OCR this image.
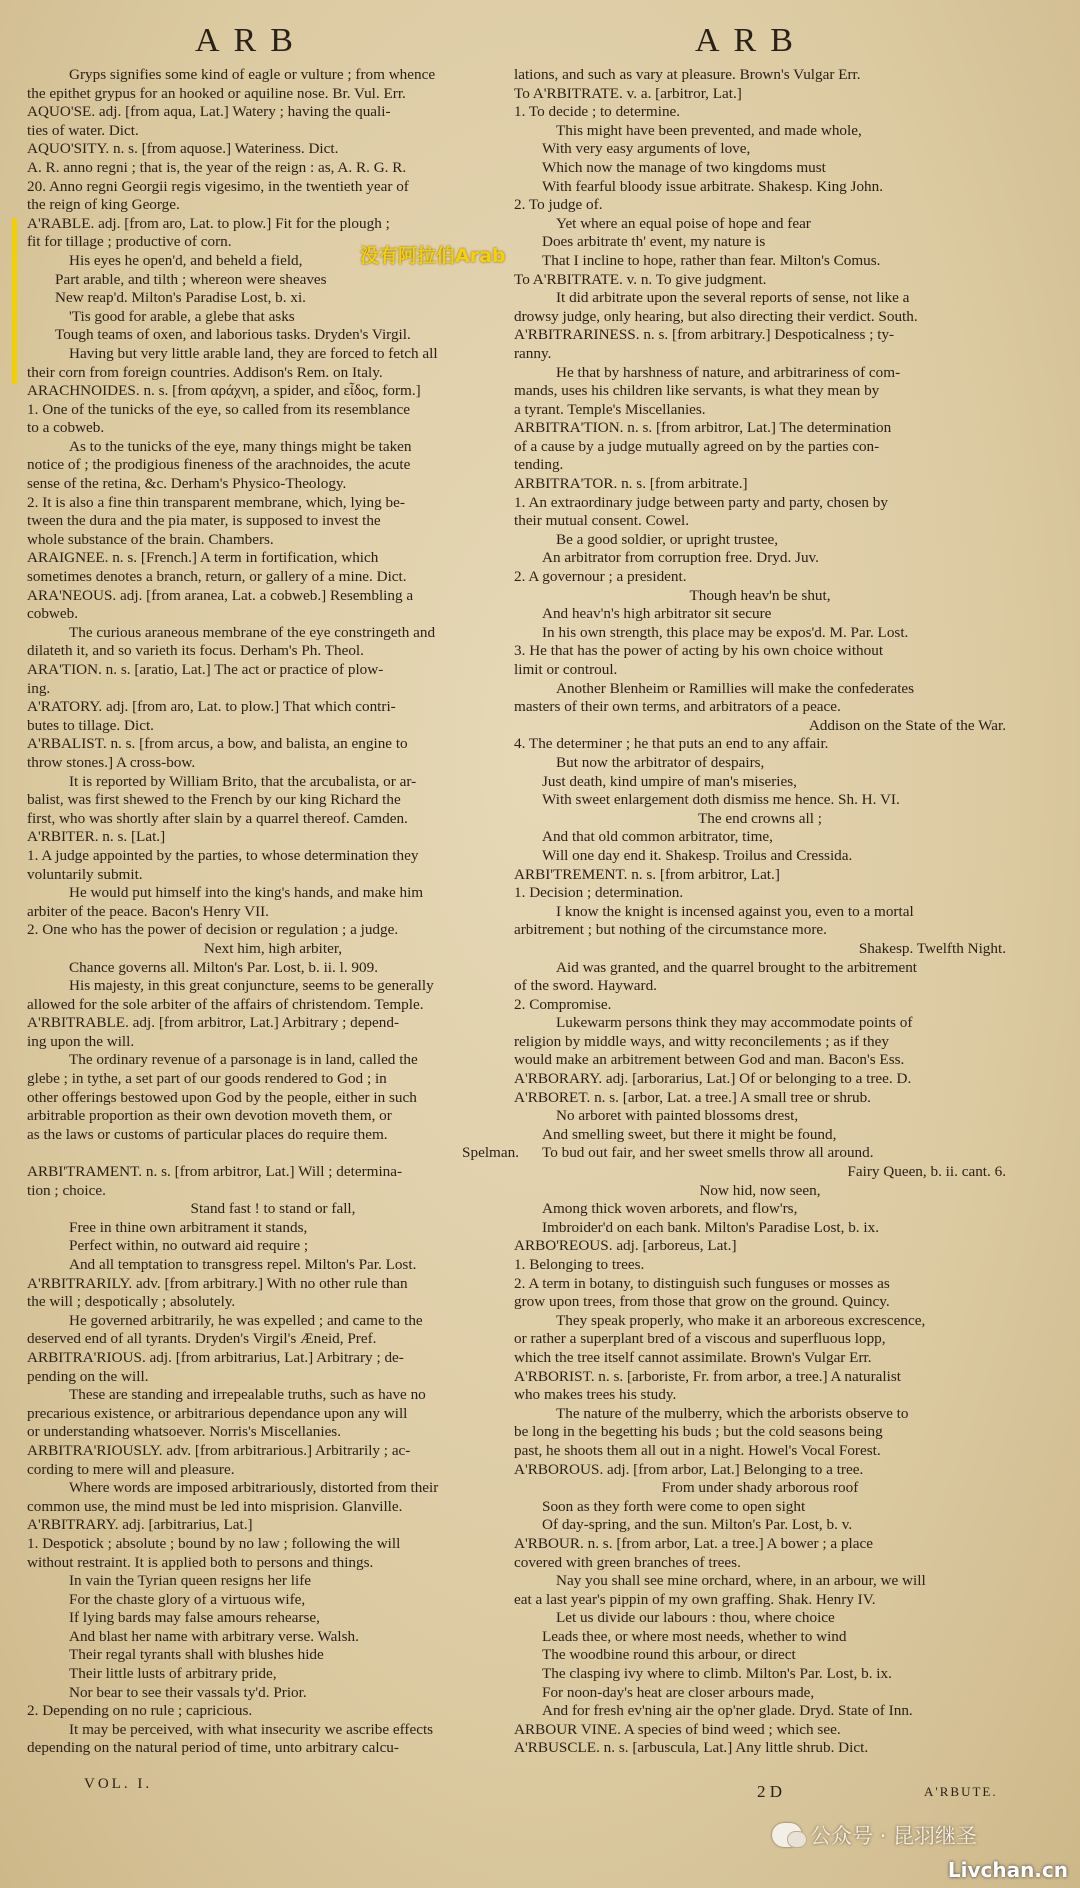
ARB	ARB
没有阿拉伯Arab
Gryps signifies some kind of eagle or vulture ; from whence
the epithet grypus for an hooked or aquiline nose. Br. Vul. Err.
AQUO'SE. adj. [from aqua, Lat.] Watery ; having the quali-
ties of water. Dict.
AQUO'SITY. n. s. [from aquose.] Wateriness. Dict.
A. R. anno regni ; that is, the year of the reign : as, A. R. G. R.
20. Anno regni Georgii regis vigesimo, in the twentieth year of
the reign of king George.
A'RABLE. adj. [from aro, Lat. to plow.] Fit for the plough ;
fit for tillage ; productive of corn.
His eyes he open'd, and beheld a field,
Part arable, and tilth ; whereon were sheaves
New reap'd. Milton's Paradise Lost, b. xi.
'Tis good for arable, a glebe that asks
Tough teams of oxen, and laborious tasks. Dryden's Virgil.
Having but very little arable land, they are forced to fetch all
their corn from foreign countries. Addison's Rem. on Italy.
ARACHNOIDES. n. s. [from αράχνη, a spider, and εἶδος, form.]
1. One of the tunicks of the eye, so called from its resemblance
to a cobweb.
As to the tunicks of the eye, many things might be taken
notice of ; the prodigious fineness of the arachnoides, the acute
sense of the retina, &c. Derham's Physico-Theology.
2. It is also a fine thin transparent membrane, which, lying be-
tween the dura and the pia mater, is supposed to invest the
whole substance of the brain. Chambers.
ARAIGNEE. n. s. [French.] A term in fortification, which
sometimes denotes a branch, return, or gallery of a mine. Dict.
ARA'NEOUS. adj. [from aranea, Lat. a cobweb.] Resembling a
cobweb.
The curious araneous membrane of the eye constringeth and
dilateth it, and so varieth its focus. Derham's Ph. Theol.
ARA'TION. n. s. [aratio, Lat.] The act or practice of plow-
ing.
A'RATORY. adj. [from aro, Lat. to plow.] That which contri-
butes to tillage. Dict.
A'RBALIST. n. s. [from arcus, a bow, and balista, an engine to
throw stones.] A cross-bow.
It is reported by William Brito, that the arcubalista, or ar-
balist, was first shewed to the French by our king Richard the
first, who was shortly after slain by a quarrel thereof. Camden.
A'RBITER. n. s. [Lat.]
1. A judge appointed by the parties, to whose determination they
voluntarily submit.
He would put himself into the king's hands, and make him
arbiter of the peace. Bacon's Henry VII.
2. One who has the power of decision or regulation ; a judge.
Next him, high arbiter,
Chance governs all. Milton's Par. Lost, b. ii. l. 909.
His majesty, in this great conjuncture, seems to be generally
allowed for the sole arbiter of the affairs of christendom. Temple.
A'RBITRABLE. adj. [from arbitror, Lat.] Arbitrary ; depend-
ing upon the will.
The ordinary revenue of a parsonage is in land, called the
glebe ; in tythe, a set part of our goods rendered to God ; in
other offerings bestowed upon God by the people, either in such
arbitrable proportion as their own devotion moveth them, or
as the laws or customs of particular places do require them.
Spelman.
ARBI'TRAMENT. n. s. [from arbitror, Lat.] Will ; determina-
tion ; choice.
Stand fast ! to stand or fall,
Free in thine own arbitrament it stands,
Perfect within, no outward aid require ;
And all temptation to transgress repel. Milton's Par. Lost.
A'RBITRARILY. adv. [from arbitrary.] With no other rule than
the will ; despotically ; absolutely.
He governed arbitrarily, he was expelled ; and came to the
deserved end of all tyrants. Dryden's Virgil's Æneid, Pref.
ARBITRA'RIOUS. adj. [from arbitrarius, Lat.] Arbitrary ; de-
pending on the will.
These are standing and irrepealable truths, such as have no
precarious existence, or arbitrarious dependance upon any will
or understanding whatsoever. Norris's Miscellanies.
ARBITRA'RIOUSLY. adv. [from arbitrarious.] Arbitrarily ; ac-
cording to mere will and pleasure.
Where words are imposed arbitrariously, distorted from their
common use, the mind must be led into misprision. Glanville.
A'RBITRARY. adj. [arbitrarius, Lat.]
1. Despotick ; absolute ; bound by no law ; following the will
without restraint. It is applied both to persons and things.
In vain the Tyrian queen resigns her life
For the chaste glory of a virtuous wife,
If lying bards may false amours rehearse,
And blast her name with arbitrary verse. Walsh.
Their regal tyrants shall with blushes hide
Their little lusts of arbitrary pride,
Nor bear to see their vassals ty'd. Prior.
2. Depending on no rule ; capricious.
It may be perceived, with what insecurity we ascribe effects
depending on the natural period of time, unto arbitrary calcu-
lations, and such as vary at pleasure. Brown's Vulgar Err.
To A'RBITRATE. v. a. [arbitror, Lat.]
1. To decide ; to determine.
This might have been prevented, and made whole,
With very easy arguments of love,
Which now the manage of two kingdoms must
With fearful bloody issue arbitrate. Shakesp. King John.
2. To judge of.
Yet where an equal poise of hope and fear
Does arbitrate th' event, my nature is
That I incline to hope, rather than fear. Milton's Comus.
To A'RBITRATE. v. n. To give judgment.
It did arbitrate upon the several reports of sense, not like a
drowsy judge, only hearing, but also directing their verdict. South.
A'RBITRARINESS. n. s. [from arbitrary.] Despoticalness ; ty-
ranny.
He that by harshness of nature, and arbitrariness of com-
mands, uses his children like servants, is what they mean by
a tyrant. Temple's Miscellanies.
ARBITRA'TION. n. s. [from arbitror, Lat.] The determination
of a cause by a judge mutually agreed on by the parties con-
tending.
ARBITRA'TOR. n. s. [from arbitrate.]
1. An extraordinary judge between party and party, chosen by
their mutual consent. Cowel.
Be a good soldier, or upright trustee,
An arbitrator from corruption free. Dryd. Juv.
2. A governour ; a president.
Though heav'n be shut,
And heav'n's high arbitrator sit secure
In his own strength, this place may be expos'd. M. Par. Lost.
3. He that has the power of acting by his own choice without
limit or controul.
Another Blenheim or Ramillies will make the confederates
masters of their own terms, and arbitrators of a peace.
Addison on the State of the War.
4. The determiner ; he that puts an end to any affair.
But now the arbitrator of despairs,
Just death, kind umpire of man's miseries,
With sweet enlargement doth dismiss me hence. Sh. H. VI.
The end crowns all ;
And that old common arbitrator, time,
Will one day end it. Shakesp. Troilus and Cressida.
ARBI'TREMENT. n. s. [from arbitror, Lat.]
1. Decision ; determination.
I know the knight is incensed against you, even to a mortal
arbitrement ; but nothing of the circumstance more.
Shakesp. Twelfth Night.
Aid was granted, and the quarrel brought to the arbitrement
of the sword. Hayward.
2. Compromise.
Lukewarm persons think they may accommodate points of
religion by middle ways, and witty reconcilements ; as if they
would make an arbitrement between God and man. Bacon's Ess.
A'RBORARY. adj. [arborarius, Lat.] Of or belonging to a tree. D.
A'RBORET. n. s. [arbor, Lat. a tree.] A small tree or shrub.
No arboret with painted blossoms drest,
And smelling sweet, but there it might be found,
To bud out fair, and her sweet smells throw all around.
Fairy Queen, b. ii. cant. 6.
Now hid, now seen,
Among thick woven arborets, and flow'rs,
Imbroider'd on each bank. Milton's Paradise Lost, b. ix.
ARBO'REOUS. adj. [arboreus, Lat.]
1. Belonging to trees.
2. A term in botany, to distinguish such funguses or mosses as
grow upon trees, from those that grow on the ground. Quincy.
They speak properly, who make it an arboreous excrescence,
or rather a superplant bred of a viscous and superfluous lopp,
which the tree itself cannot assimilate. Brown's Vulgar Err.
A'RBORIST. n. s. [arboriste, Fr. from arbor, a tree.] A naturalist
who makes trees his study.
The nature of the mulberry, which the arborists observe to
be long in the begetting his buds ; but the cold seasons being
past, he shoots them all out in a night. Howel's Vocal Forest.
A'RBOROUS. adj. [from arbor, Lat.] Belonging to a tree.
From under shady arborous roof
Soon as they forth were come to open sight
Of day-spring, and the sun. Milton's Par. Lost, b. v.
A'RBOUR. n. s. [from arbor, Lat. a tree.] A bower ; a place
covered with green branches of trees.
Nay you shall see mine orchard, where, in an arbour, we will
eat a last year's pippin of my own graffing. Shak. Henry IV.
Let us divide our labours : thou, where choice
Leads thee, or where most needs, whether to wind
The woodbine round this arbour, or direct
The clasping ivy where to climb. Milton's Par. Lost, b. ix.
For noon-day's heat are closer arbours made,
And for fresh ev'ning air the op'ner glade. Dryd. State of Inn.
ARBOUR VINE. A species of bind weed ; which see.
A'RBUSCLE. n. s. [arbuscula, Lat.] Any little shrub. Dict.
VOL. I.	2 D	A'RBUTE.
公众号 · 昆羽继圣
Livchan.cn
